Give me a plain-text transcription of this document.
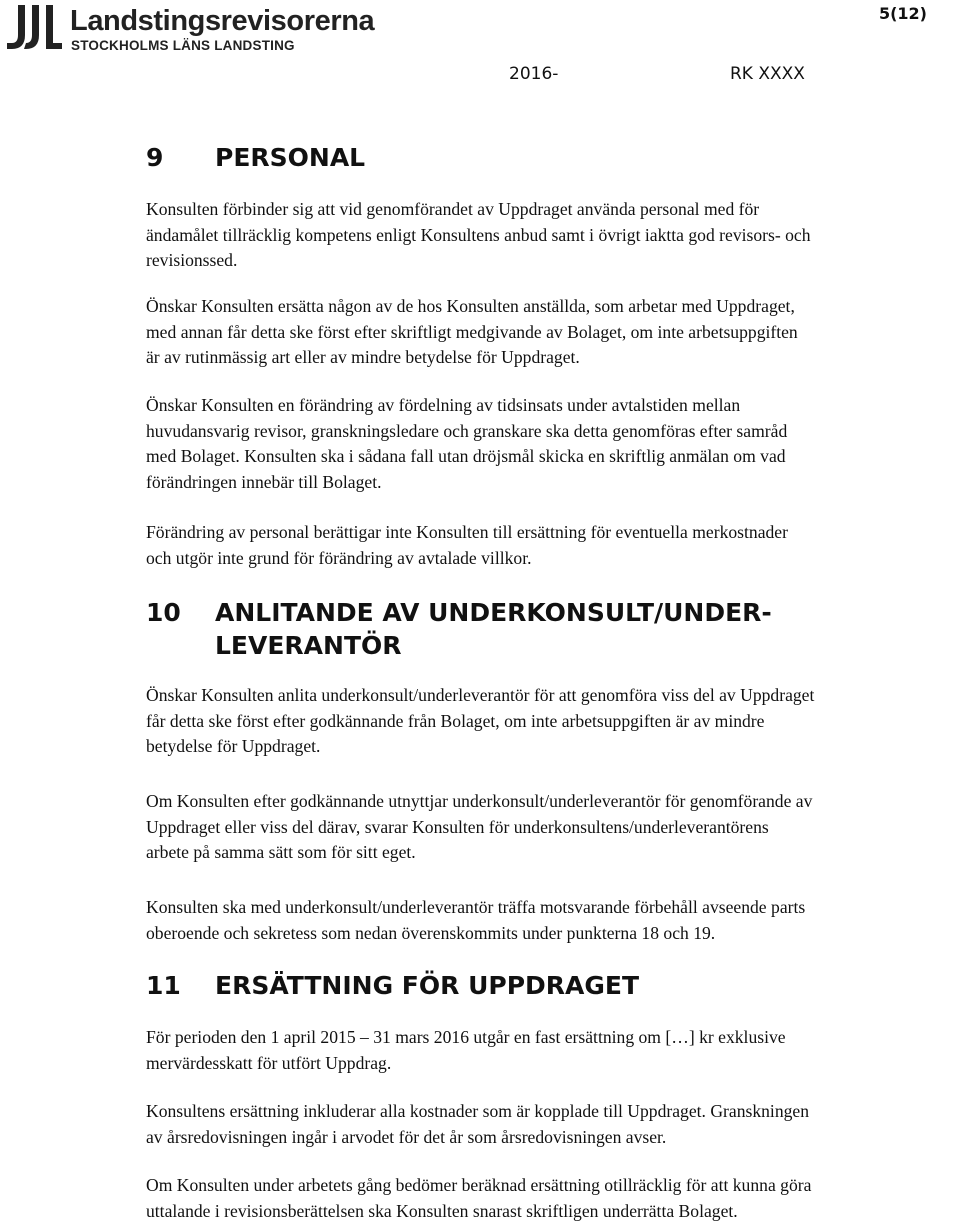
Landstingsrevisorerna
STOCKHOLMS LÄNS LANDSTING
5(12)
2016-	RK XXXX
9 PERSONAL

Konsulten förbinder sig att vid genomförandet av Uppdraget använda personal med för
ändamålet tillräcklig kompetens enligt Konsultens anbud samt i övrigt iaktta god revisors- och
revisionssed.

Önskar Konsulten ersätta någon av de hos Konsulten anställda, som arbetar med Uppdraget,
med annan får detta ske först efter skriftligt medgivande av Bolaget, om inte arbetsuppgiften
är av rutinmässig art eller av mindre betydelse för Uppdraget.

Önskar Konsulten en förändring av fördelning av tidsinsats under avtalstiden mellan
huvudansvarig revisor, granskningsledare och granskare ska detta genomföras efter samråd
med Bolaget. Konsulten ska i sådana fall utan dröjsmål skicka en skriftlig anmälan om vad
förändringen innebär till Bolaget.

Förändring av personal berättigar inte Konsulten till ersättning för eventuella merkostnader
och utgör inte grund för förändring av avtalade villkor.

10 ANLITANDE AV UNDERKONSULT/UNDER-
LEVERANTÖR

Önskar Konsulten anlita underkonsult/underleverantör för att genomföra viss del av Uppdraget
får detta ske först efter godkännande från Bolaget, om inte arbetsuppgiften är av mindre
betydelse för Uppdraget.

Om Konsulten efter godkännande utnyttjar underkonsult/underleverantör för genomförande av
Uppdraget eller viss del därav, svarar Konsulten för underkonsultens/underleverantörens
arbete på samma sätt som för sitt eget.

Konsulten ska med underkonsult/underleverantör träffa motsvarande förbehåll avseende parts
oberoende och sekretess som nedan överenskommits under punkterna 18 och 19.

11 ERSÄTTNING FÖR UPPDRAGET

För perioden den 1 april 2015 – 31 mars 2016 utgår en fast ersättning om […] kr exklusive
mervärdesskatt för utfört Uppdrag.

Konsultens ersättning inkluderar alla kostnader som är kopplade till Uppdraget. Granskningen
av årsredovisningen ingår i arvodet för det år som årsredovisningen avser.

Om Konsulten under arbetets gång bedömer beräknad ersättning otillräcklig för att kunna göra
uttalande i revisionsberättelsen ska Konsulten snarast skriftligen underrätta Bolaget.
